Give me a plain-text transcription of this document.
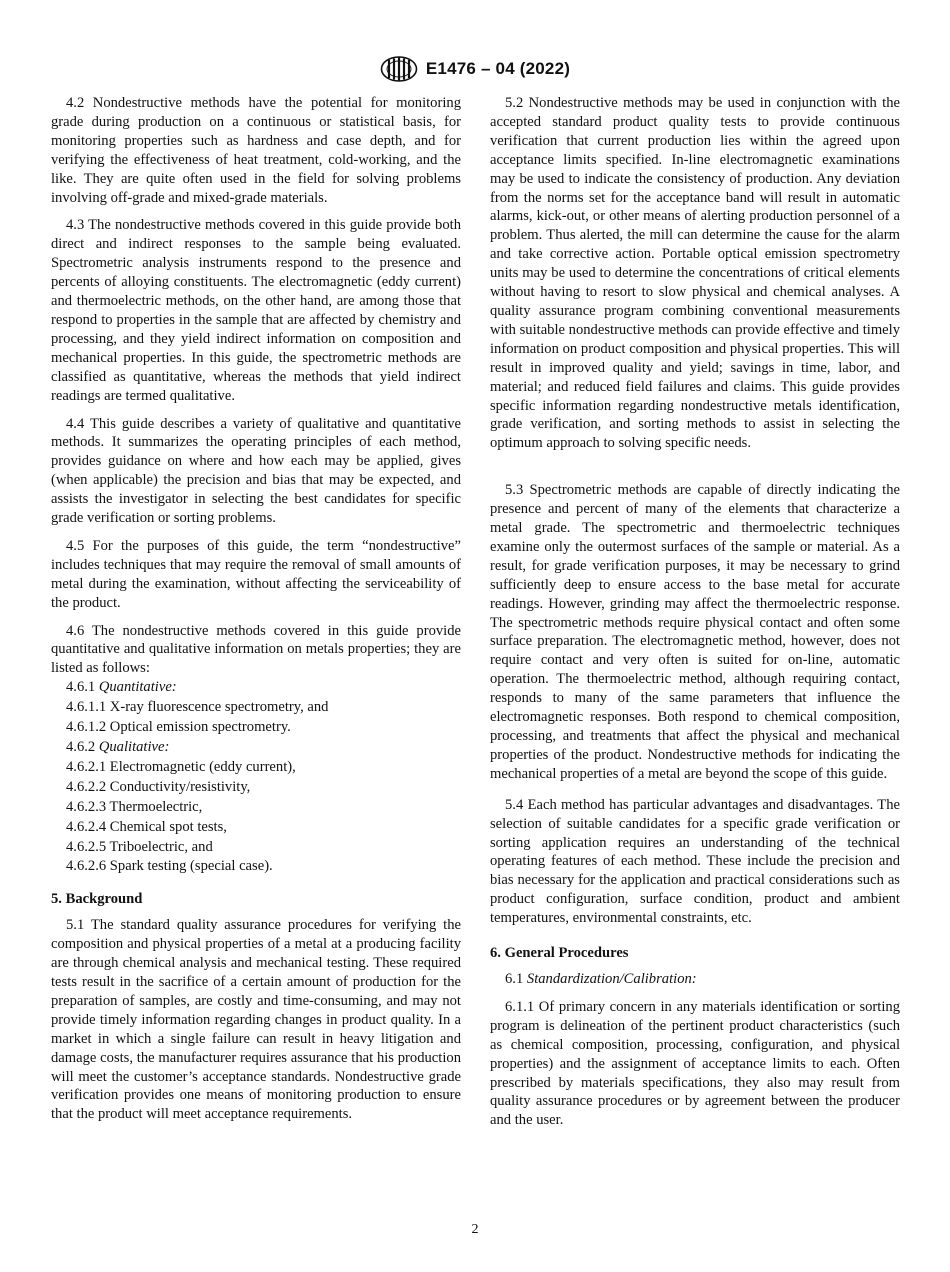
E1476 – 04 (2022)

4.2 Nondestructive methods have the potential for monitoring grade during production on a continuous or statistical basis, for monitoring properties such as hardness and case depth, and for verifying the effectiveness of heat treatment, cold-working, and the like. They are quite often used in the field for solving problems involving off-grade and mixed-grade materials.

4.3 The nondestructive methods covered in this guide provide both direct and indirect responses to the sample being evaluated. Spectrometric analysis instruments respond to the presence and percents of alloying constituents. The electromagnetic (eddy current) and thermoelectric methods, on the other hand, are among those that respond to properties in the sample that are affected by chemistry and processing, and they yield indirect information on composition and mechanical properties. In this guide, the spectrometric methods are classified as quantitative, whereas the methods that yield indirect readings are termed qualitative.

4.4 This guide describes a variety of qualitative and quantitative methods. It summarizes the operating principles of each method, provides guidance on where and how each may be applied, gives (when applicable) the precision and bias that may be expected, and assists the investigator in selecting the best candidates for specific grade verification or sorting problems.

4.5 For the purposes of this guide, the term “nondestructive” includes techniques that may require the removal of small amounts of metal during the examination, without affecting the serviceability of the product.

4.6 The nondestructive methods covered in this guide provide quantitative and qualitative information on metals properties; they are listed as follows:

4.6.1 Quantitative:

4.6.1.1 X-ray fluorescence spectrometry, and

4.6.1.2 Optical emission spectrometry.

4.6.2 Qualitative:

4.6.2.1 Electromagnetic (eddy current),

4.6.2.2 Conductivity/resistivity,

4.6.2.3 Thermoelectric,

4.6.2.4 Chemical spot tests,

4.6.2.5 Triboelectric, and

4.6.2.6 Spark testing (special case).

5. Background

5.1 The standard quality assurance procedures for verifying the composition and physical properties of a metal at a producing facility are through chemical analysis and mechanical testing. These required tests result in the sacrifice of a certain amount of production for the preparation of samples, are costly and time-consuming, and may not provide timely information regarding changes in product quality. In a market in which a single failure can result in heavy litigation and damage costs, the manufacturer requires assurance that his production will meet the customer’s acceptance standards. Nondestructive grade verification provides one means of monitoring production to ensure that the product will meet acceptance requirements.

5.2 Nondestructive methods may be used in conjunction with the accepted standard product quality tests to provide continuous verification that current production lies within the agreed upon acceptance limits specified. In-line electromagnetic examinations may be used to indicate the consistency of production. Any deviation from the norms set for the acceptance band will result in automatic alarms, kick-out, or other means of alerting production personnel of a problem. Thus alerted, the mill can determine the cause for the alarm and take corrective action. Portable optical emission spectrometry units may be used to determine the concentrations of critical elements without having to resort to slow physical and chemical analyses. A quality assurance program combining conventional measurements with suitable nondestructive methods can provide effective and timely information on product composition and physical properties. This will result in improved quality and yield; savings in time, labor, and material; and reduced field failures and claims. This guide provides specific information regarding nondestructive metals identification, grade verification, and sorting methods to assist in selecting the optimum approach to solving specific needs.

5.3 Spectrometric methods are capable of directly indicating the presence and percent of many of the elements that characterize a metal grade. The spectrometric and thermoelectric techniques examine only the outermost surfaces of the sample or material. As a result, for grade verification purposes, it may be necessary to grind sufficiently deep to ensure access to the base metal for accurate readings. However, grinding may affect the thermoelectric response. The spectrometric methods require physical contact and often some surface preparation. The electromagnetic method, however, does not require contact and very often is suited for on-line, automatic operation. The thermoelectric method, although requiring contact, responds to many of the same parameters that influence the electromagnetic responses. Both respond to chemical composition, processing, and treatments that affect the physical and mechanical properties of the product. Nondestructive methods for indicating the mechanical properties of a metal are beyond the scope of this guide.

5.4 Each method has particular advantages and disadvantages. The selection of suitable candidates for a specific grade verification or sorting application requires an understanding of the technical operating features of each method. These include the precision and bias necessary for the application and practical considerations such as product configuration, surface condition, product and ambient temperatures, environmental constraints, etc.

6. General Procedures

6.1 Standardization/Calibration:

6.1.1 Of primary concern in any materials identification or sorting program is delineation of the pertinent product characteristics (such as chemical composition, processing, configuration, and physical properties) and the assignment of acceptance limits to each. Often prescribed by materials specifications, they also may result from quality assurance procedures or by agreement between the producer and the user.

2
